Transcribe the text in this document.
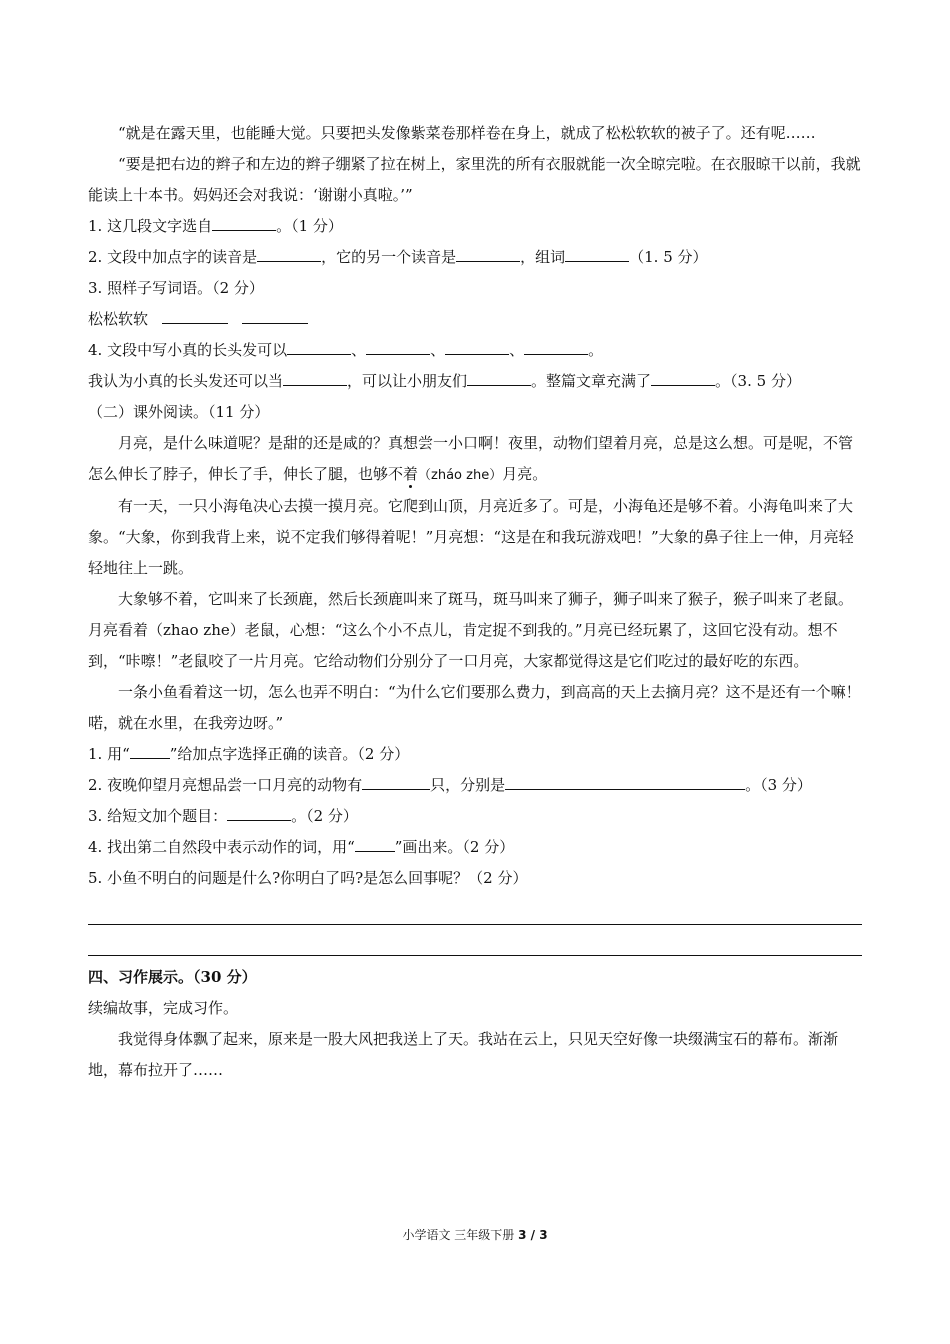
“就是在露天里，也能睡大觉。只要把头发像紫菜卷那样卷在身上，就成了松松软软的被子了。还有呢……
“要是把右边的辫子和左边的辫子绷紧了拉在树上，家里洗的所有衣服就能一次全晾完啦。在衣服晾干以前，我就能读上十本书。妈妈还会对我说：‘谢谢小真啦。’”
1. 这几段文字选自	。（1 分）
2. 文段中加点字的读音是	，它的另一个读音是	，组词	（1. 5 分）
3. 照样子写词语。（2 分）
松松软软
4. 文段中写小真的长头发可以	、	、	、	。
我认为小真的长头发还可以当	，可以让小朋友们	。整篇文章充满了	。（3. 5 分）
（二）课外阅读。（11 分）
月亮，是什么味道呢？是甜的还是咸的？真想尝一小口啊！夜里，动物们望着月亮，总是这么想。可是呢，不管怎么伸长了脖子，伸长了手，伸长了腿，也够不着（zháo zhe）月亮。
有一天，一只小海龟决心去摸一摸月亮。它爬到山顶，月亮近多了。可是，小海龟还是够不着。小海龟叫来了大象。“大象，你到我背上来，说不定我们够得着呢！”月亮想：“这是在和我玩游戏吧！”大象的鼻子往上一伸，月亮轻轻地往上一跳。
大象够不着，它叫来了长颈鹿，然后长颈鹿叫来了斑马，斑马叫来了狮子，狮子叫来了猴子，猴子叫来了老鼠。月亮看着（zhao zhe）老鼠，心想：“这么个小不点儿，肯定捉不到我的。”月亮已经玩累了，这回它没有动。想不到，“咔嚓！”老鼠咬了一片月亮。它给动物们分别分了一口月亮，大家都觉得这是它们吃过的最好吃的东西。
一条小鱼看着这一切，怎么也弄不明白：“为什么它们要那么费力，到高高的天上去摘月亮？这不是还有一个嘛！喏，就在水里，在我旁边呀。”
1. 用“	”给加点字选择正确的读音。（2 分）
2. 夜晚仰望月亮想品尝一口月亮的动物有	只，分别是	。（3 分）
3. 给短文加个题目：	。（2 分）
4. 找出第二自然段中表示动作的词，用“	”画出来。（2 分）
5. 小鱼不明白的问题是什么?你明白了吗?是怎么回事呢？（2 分）
四、习作展示。（30 分）
续编故事，完成习作。
我觉得身体飘了起来，原来是一股大风把我送上了天。我站在云上，只见天空好像一块缀满宝石的幕布。渐渐地，幕布拉开了……
小学语文 三年级下册 3 / 3
